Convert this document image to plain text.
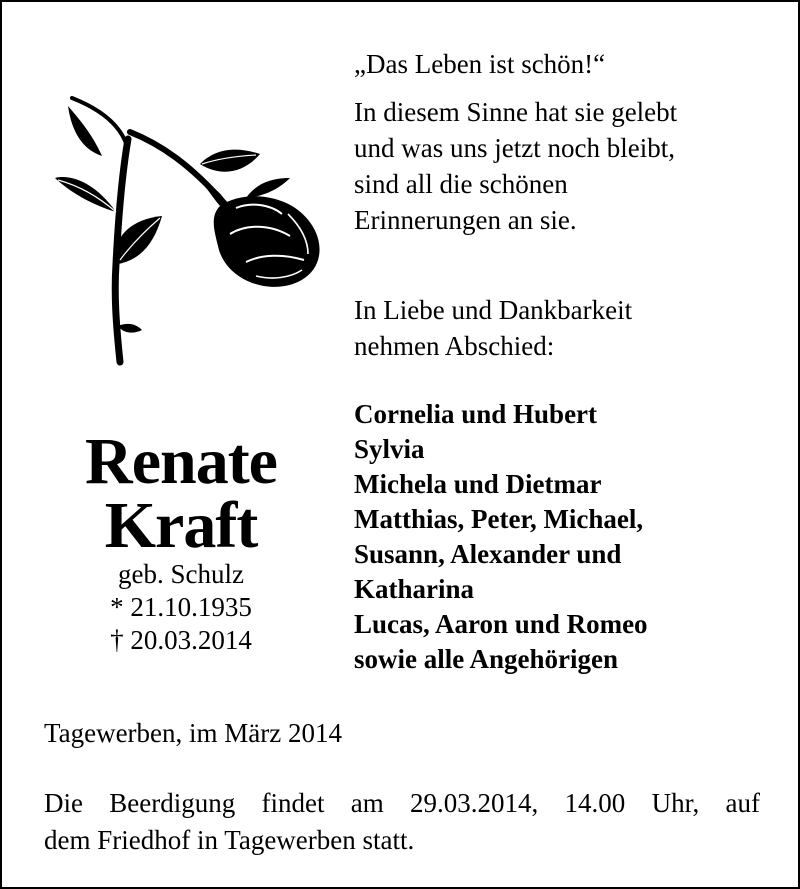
„Das Leben ist schön!“

In diesem Sinne hat sie gelebt
und was uns jetzt noch bleibt,
sind all die schönen
Erinnerungen an sie.
In Liebe und Dankbarkeit
nehmen Abschied:
Cornelia und Hubert
Sylvia
Michela und Dietmar
Matthias, Peter, Michael,
Susann, Alexander und
Katharina
Lucas, Aaron und Romeo
sowie alle Angehörigen
Renate
Kraft
geb. Schulz
* 21.10.1935
† 20.03.2014
Tagewerben, im März 2014
Die Beerdigung findet am 29.03.2014, 14.00 Uhr, auf
dem Friedhof in Tagewerben statt.
